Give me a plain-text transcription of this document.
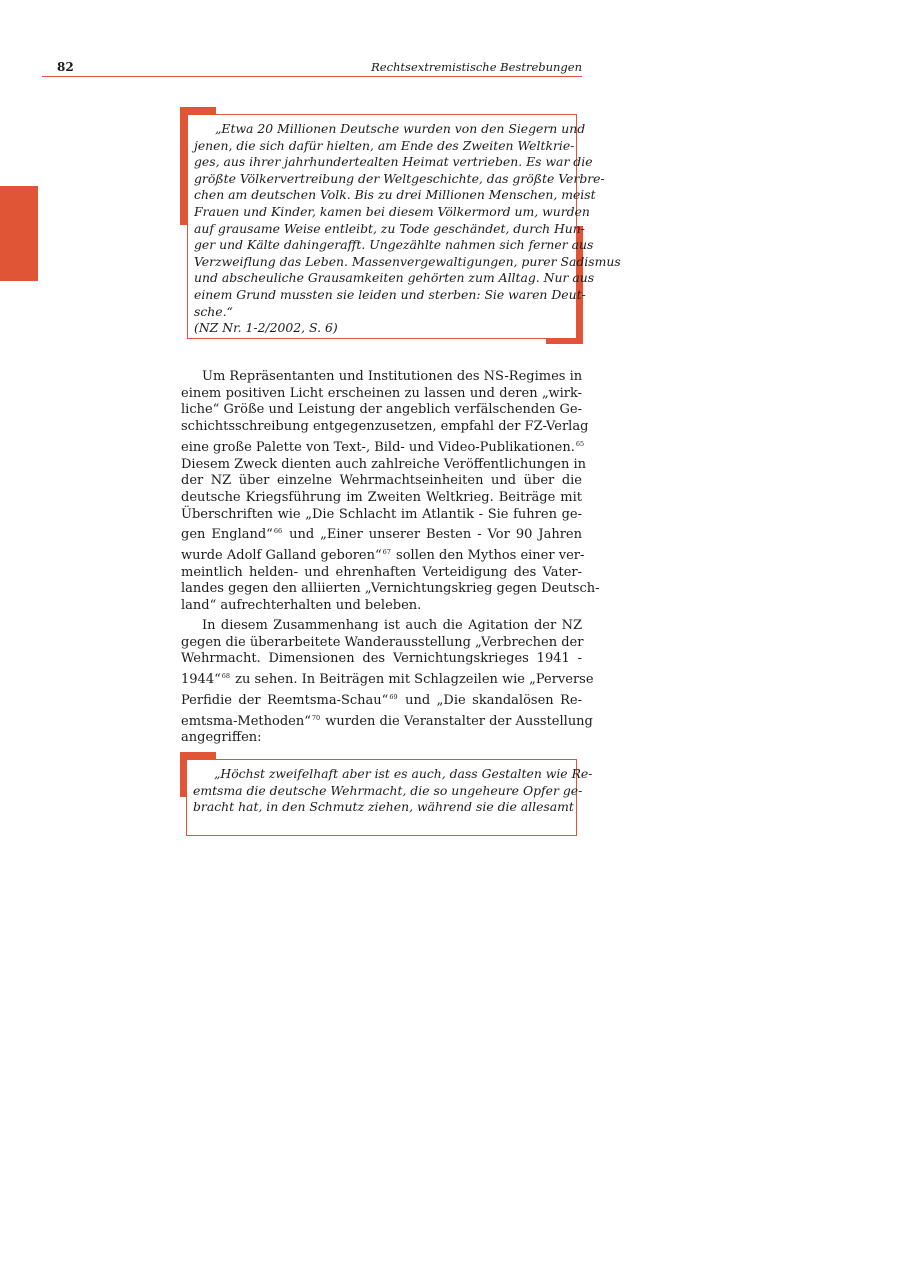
82	Rechtsextremistische Bestrebungen
„Etwa 20 Millionen Deutsche wurden von den Siegern und
jenen, die sich dafür hielten, am Ende des Zweiten Weltkrie-
ges, aus ihrer jahrhundertealten Heimat vertrieben. Es war die
größte Völkervertreibung der Weltgeschichte, das größte Verbre-
chen am deutschen Volk. Bis zu drei Millionen Menschen, meist
Frauen und Kinder, kamen bei diesem Völkermord um, wurden
auf grausame Weise entleibt, zu Tode geschändet, durch Hun-
ger und Kälte dahingerafft. Ungezählte nahmen sich ferner aus
Verzweiflung das Leben. Massenvergewaltigungen, purer Sadismus
und abscheuliche Grausamkeiten gehörten zum Alltag. Nur aus
einem Grund mussten sie leiden und sterben: Sie waren Deut-
sche.“

(NZ Nr. 1-2/2002, S. 6)

Um Repräsentanten und Institutionen des NS-Regimes in
einem positiven Licht erscheinen zu lassen und deren „wirk-
liche“ Größe und Leistung der angeblich verfälschenden Ge-
schichtsschreibung entgegenzusetzen, empfahl der FZ-Verlag
eine große Palette von Text-, Bild- und Video-Publikationen.$^{65}$
Diesem Zweck dienten auch zahlreiche Veröffentlichungen in
der NZ über einzelne Wehrmachtseinheiten und über die
deutsche Kriegsführung im Zweiten Weltkrieg. Beiträge mit
Überschriften wie „Die Schlacht im Atlantik - Sie fuhren ge-
gen England“$^{66}$ und „Einer unserer Besten - Vor 90 Jahren
wurde Adolf Galland geboren“$^{67}$ sollen den Mythos einer ver-
meintlich helden- und ehrenhaften Verteidigung des Vater-
landes gegen den alliierten „Vernichtungskrieg gegen Deutsch-
land“ aufrechterhalten und beleben.
In diesem Zusammenhang ist auch die Agitation der NZ
gegen die überarbeitete Wanderausstellung „Verbrechen der
Wehrmacht. Dimensionen des Vernichtungskrieges 1941 -
1944“$^{68}$ zu sehen. In Beiträgen mit Schlagzeilen wie „Perverse
Perfidie der Reemtsma-Schau“$^{69}$ und „Die skandalösen Re-
emtsma-Methoden“$^{70}$ wurden die Veranstalter der Ausstellung
angegriffen:
„Höchst zweifelhaft aber ist es auch, dass Gestalten wie Re-
emtsma die deutsche Wehrmacht, die so ungeheure Opfer ge-
bracht hat, in den Schmutz ziehen, während sie die allesamt
